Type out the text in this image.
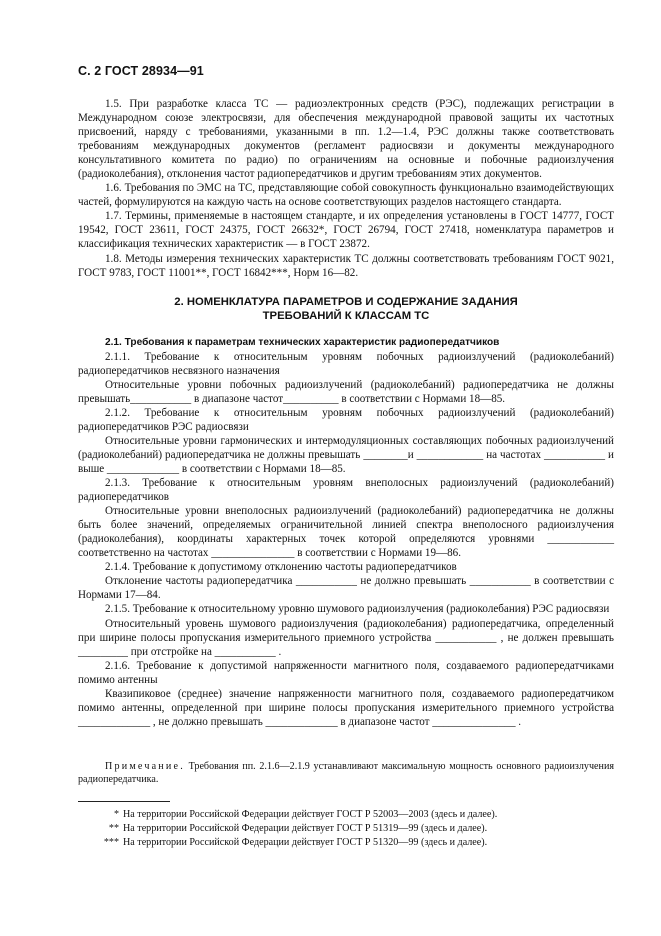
С. 2 ГОСТ 28934—91

1.5. При разработке класса ТС — радиоэлектронных средств (РЭС), подлежащих регистрации в Международном союзе электросвязи, для обеспечения международной правовой защиты их частотных присвоений, наряду с требованиями, указанными в пп. 1.2—1.4, РЭС должны также соответствовать требованиям международных документов (регламент радиосвязи и документы международного консультативного комитета по радио) по ограничениям на основные и побочные радиоизлучения (радиоколебания), отклонения частот радиопередатчиков и другим требованиям этих документов.

1.6. Требования по ЭМС на ТС, представляющие собой совокупность функционально взаимодействующих частей, формулируются на каждую часть на основе соответствующих разделов настоящего стандарта.

1.7. Термины, применяемые в настоящем стандарте, и их определения установлены в ГОСТ 14777, ГОСТ 19542, ГОСТ 23611, ГОСТ 24375, ГОСТ 26632*, ГОСТ 26794, ГОСТ 27418, номенклатура параметров и классификация технических характеристик — в ГОСТ 23872.

1.8. Методы измерения технических характеристик ТС должны соответствовать требованиям ГОСТ 9021, ГОСТ 9783, ГОСТ 11001**, ГОСТ 16842***, Норм 16—82.

2. НОМЕНКЛАТУРА ПАРАМЕТРОВ И СОДЕРЖАНИЕ ЗАДАНИЯ
ТРЕБОВАНИЙ К КЛАССАМ ТС

2.1. Требования к параметрам технических характеристик радиопередатчиков

2.1.1. Требование к относительным уровням побочных радиоизлучений (радиоколебаний) радиопередатчиков несвязного назначения

Относительные уровни побочных радиоизлучений (радиоколебаний) радиопередатчика не должны превышать___________ в диапазоне частот__________ в соответствии с Нормами 18—85.

2.1.2. Требование к относительным уровням побочных радиоизлучений (радиоколебаний) радиопередатчиков РЭС радиосвязи

Относительные уровни гармонических и интермодуляционных составляющих побочных радиоизлучений (радиоколебаний) радиопередатчика не должны превышать ________и ____________ на частотах ___________ и выше _____________ в соответствии с Нормами 18—85.

2.1.3. Требование к относительным уровням внеполосных радиоизлучений (радиоколебаний) радиопередатчиков

Относительные уровни внеполосных радиоизлучений (радиоколебаний) радиопередатчика не должны быть более значений, определяемых ограничительной линией спектра внеполосного радиоизлучения (радиоколебания), координаты характерных точек которой определяются уровнями ____________ соответственно на частотах _______________ в соответствии с Нормами 19—86.

2.1.4. Требование к допустимому отклонению частоты радиопередатчиков

Отклонение частоты радиопередатчика ___________ не должно превышать ___________ в соответствии с Нормами 17—84.

2.1.5. Требование к относительному уровню шумового радиоизлучения (радиоколебания) РЭС радиосвязи

Относительный уровень шумового радиоизлучения (радиоколебания) радиопередатчика, определенный при ширине полосы пропускания измерительного приемного устройства ___________ , не должен превышать _________ при отстройке на ___________ .

2.1.6. Требование к допустимой напряженности магнитного поля, создаваемого радиопередатчиками помимо антенны

Квазипиковое (среднее) значение напряженности магнитного поля, создаваемого радиопередатчиком помимо антенны, определенной при ширине полосы пропускания измерительного приемного устройства _____________ , не должно превышать _____________ в диапазоне частот _______________ .

Примечание. Требования пп. 2.1.6—2.1.9 устанавливают максимальную мощность основного радиоизлучения радиопередатчика.

* На территории Российской Федерации действует ГОСТ Р 52003—2003 (здесь и далее).

** На территории Российской Федерации действует ГОСТ Р 51319—99 (здесь и далее).

*** На территории Российской Федерации действует ГОСТ Р 51320—99 (здесь и далее).
